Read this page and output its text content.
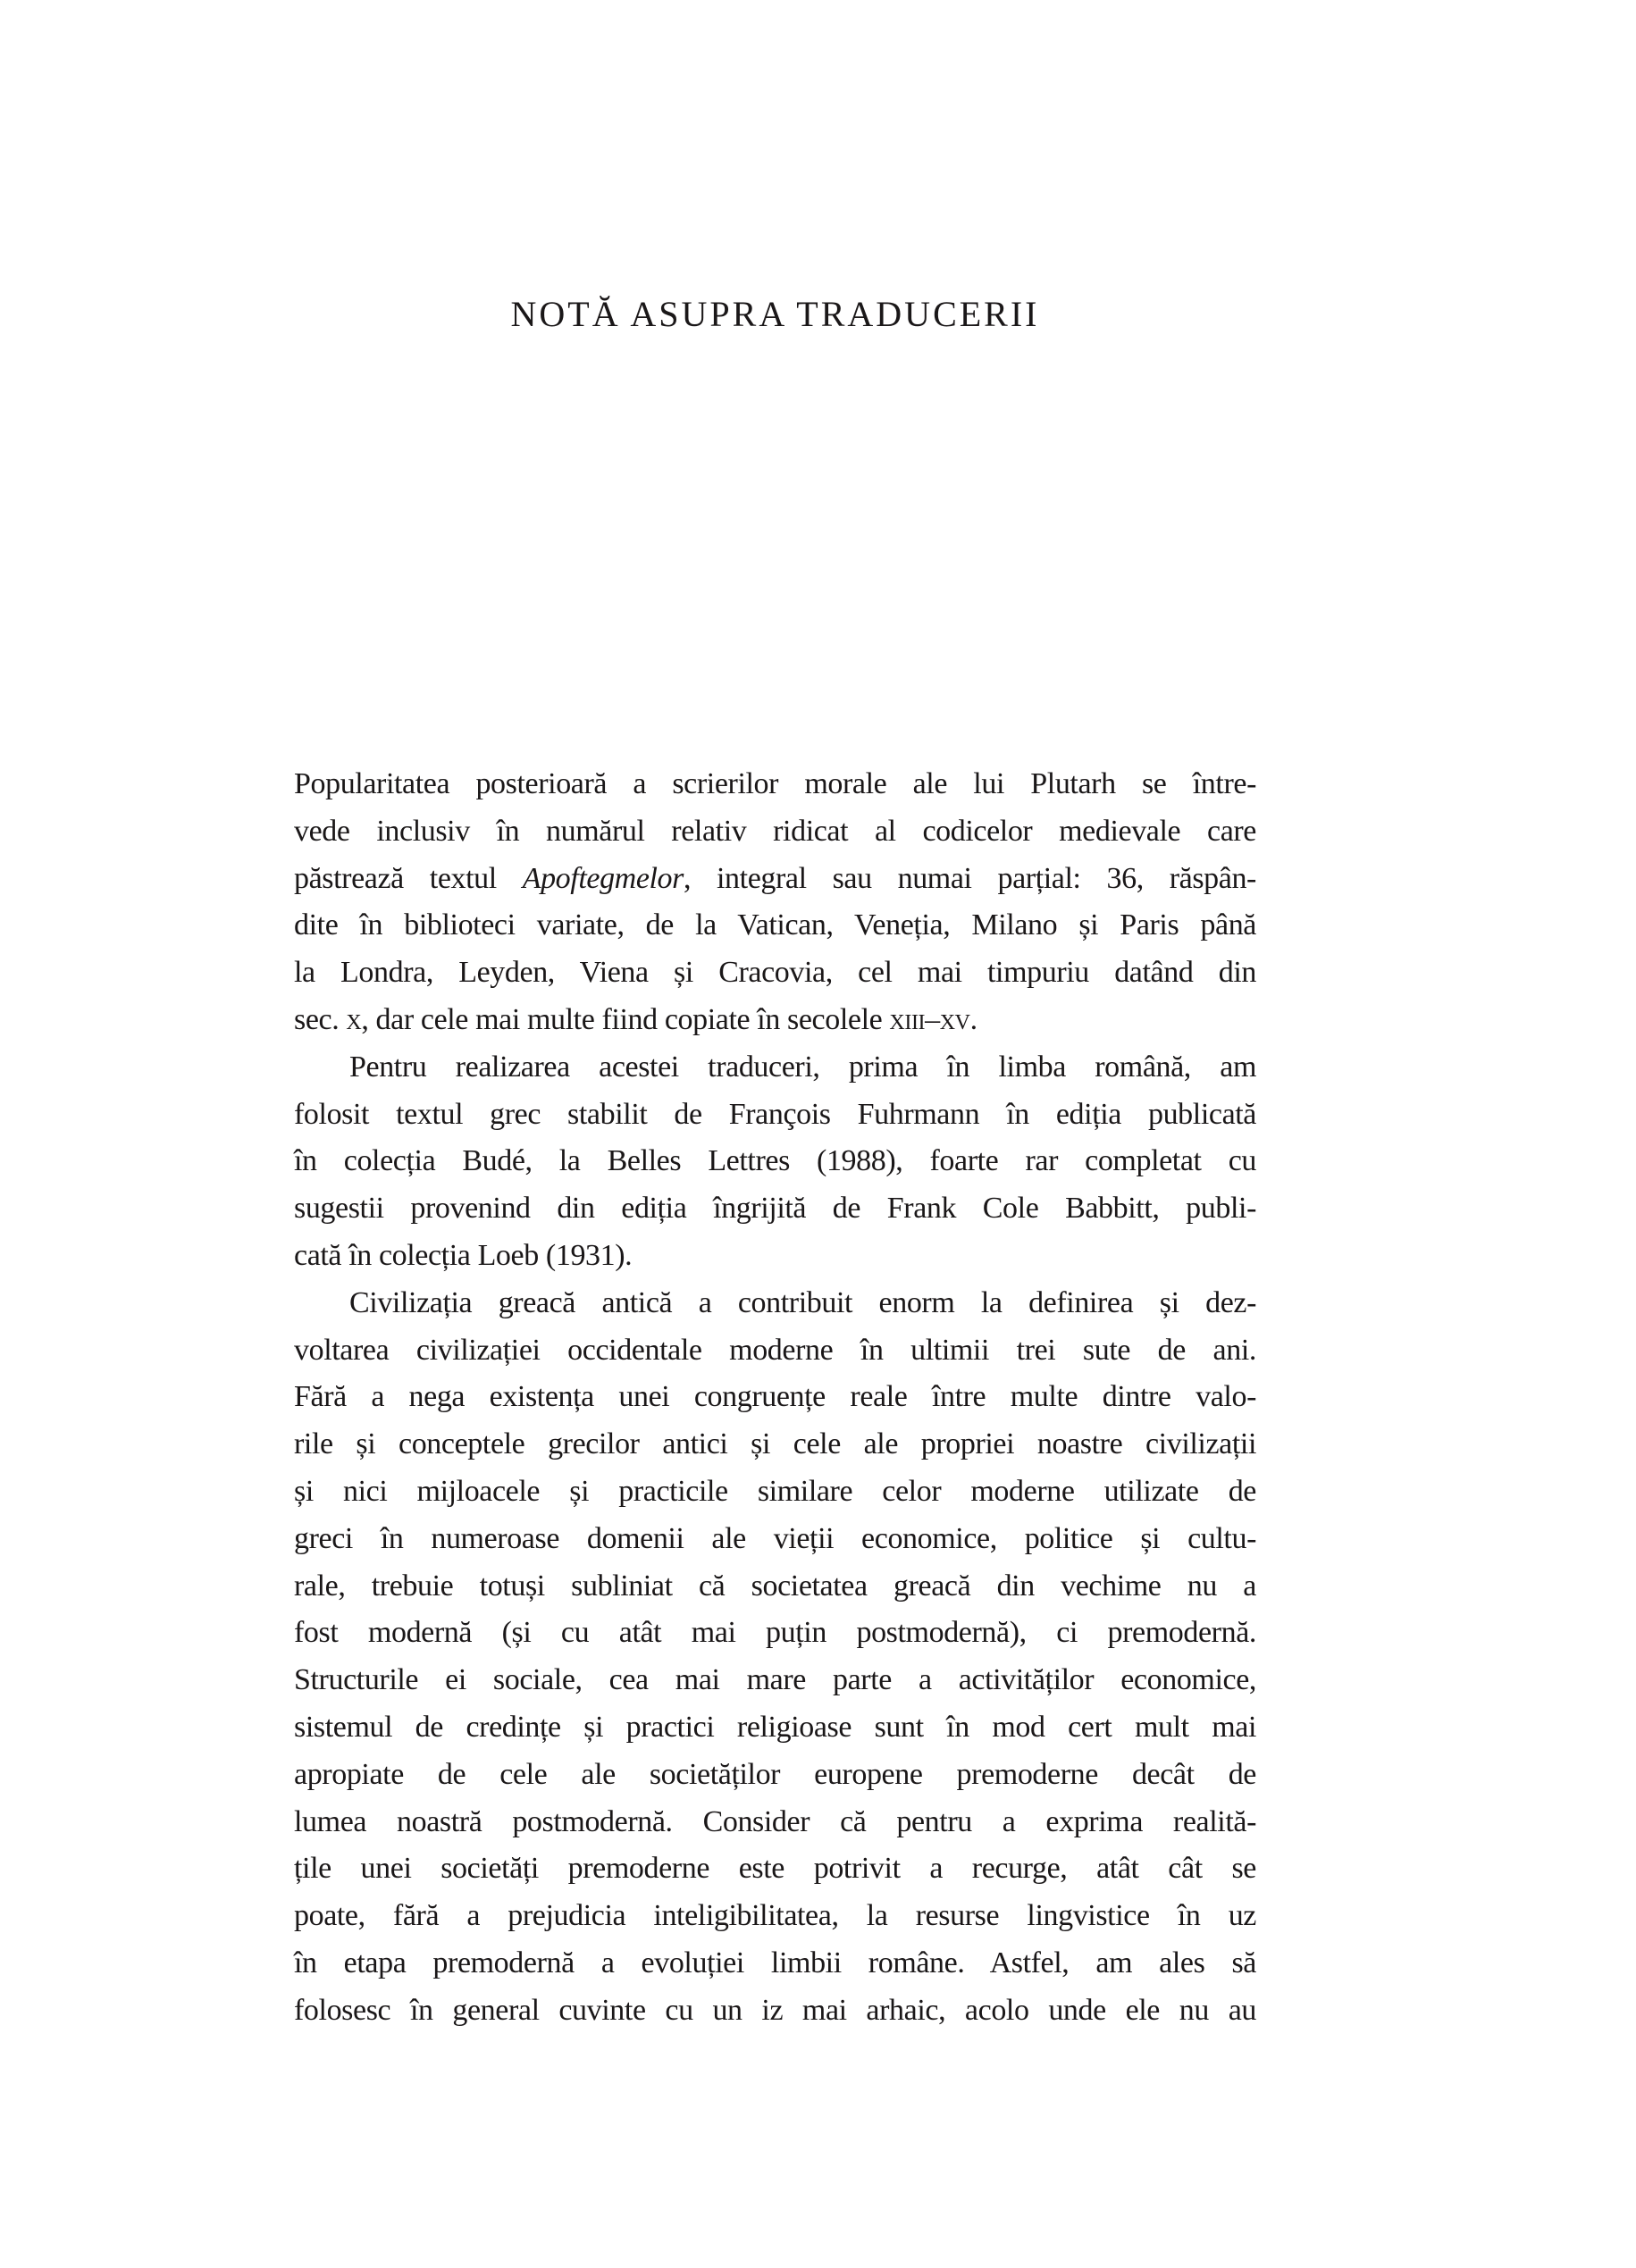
NOTĂ ASUPRA TRADUCERII
Popularitatea posterioară a scrierilor morale ale lui Plutarh se între-
vede inclusiv în numărul relativ ridicat al codicelor medievale care
păstrează textul Apoftegmelor, integral sau numai parțial: 36, răspân-
dite în biblioteci variate, de la Vatican, Veneția, Milano și Paris până
la Londra, Leyden, Viena și Cracovia, cel mai timpuriu datând din
sec. x, dar cele mai multe fiind copiate în secolele xiii–xv.
Pentru realizarea acestei traduceri, prima în limba română, am
folosit textul grec stabilit de François Fuhrmann în ediția publicată
în colecția Budé, la Belles Lettres (1988), foarte rar completat cu
sugestii provenind din ediția îngrijită de Frank Cole Babbitt, publi-
cată în colecția Loeb (1931).
Civilizația greacă antică a contribuit enorm la definirea și dez-
voltarea civilizației occidentale moderne în ultimii trei sute de ani.
Fără a nega existența unei congruențe reale între multe dintre valo-
rile și conceptele grecilor antici și cele ale propriei noastre civilizații
și nici mijloacele și practicile similare celor moderne utilizate de
greci în numeroase domenii ale vieții economice, politice și cultu-
rale, trebuie totuși subliniat că societatea greacă din vechime nu a
fost modernă (și cu atât mai puțin postmodernă), ci premodernă.
Structurile ei sociale, cea mai mare parte a activităților economice,
sistemul de credințe și practici religioase sunt în mod cert mult mai
apropiate de cele ale societăților europene premoderne decât de
lumea noastră postmodernă. Consider că pentru a exprima realită-
țile unei societăți premoderne este potrivit a recurge, atât cât se
poate, fără a prejudicia inteligibilitatea, la resurse lingvistice în uz
în etapa premodernă a evoluției limbii române. Astfel, am ales să
folosesc în general cuvinte cu un iz mai arhaic, acolo unde ele nu au
